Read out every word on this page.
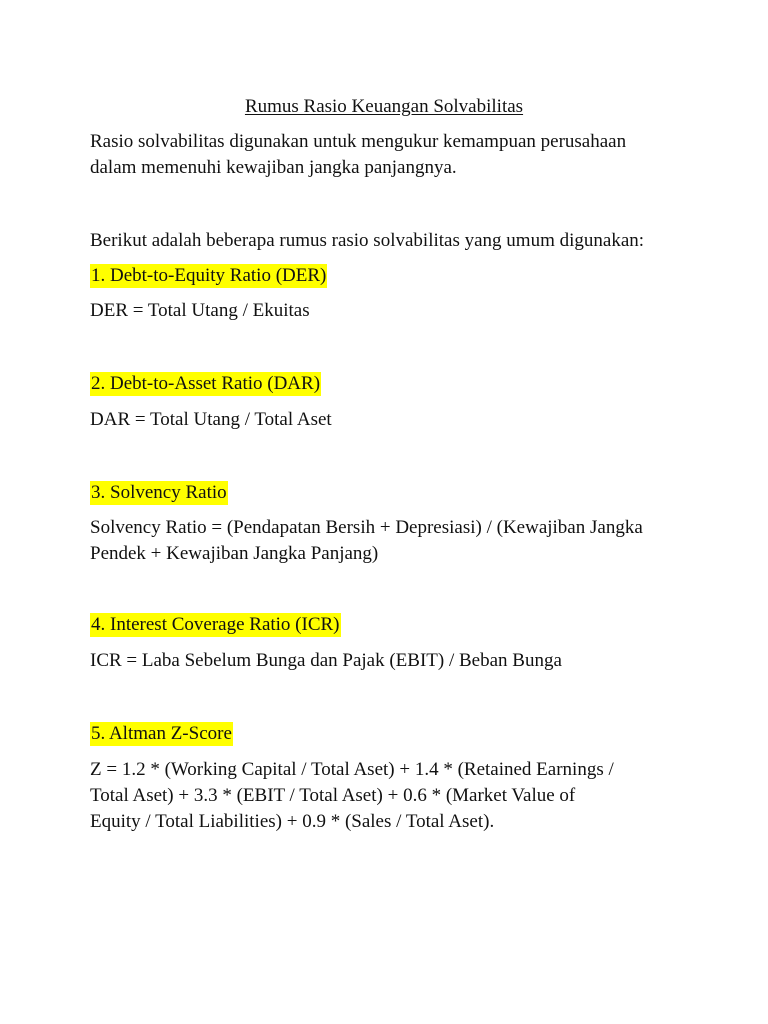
Rumus Rasio Keuangan Solvabilitas

Rasio solvabilitas digunakan untuk mengukur kemampuan perusahaan
dalam memenuhi kewajiban jangka panjangnya.

Berikut adalah beberapa rumus rasio solvabilitas yang umum digunakan:

1. Debt-to-Equity Ratio (DER)

DER = Total Utang / Ekuitas

2. Debt-to-Asset Ratio (DAR)

DAR = Total Utang / Total Aset

3. Solvency Ratio

Solvency Ratio = (Pendapatan Bersih + Depresiasi) / (Kewajiban Jangka
Pendek + Kewajiban Jangka Panjang)

4. Interest Coverage Ratio (ICR)

ICR = Laba Sebelum Bunga dan Pajak (EBIT) / Beban Bunga

5. Altman Z-Score

Z = 1.2 * (Working Capital / Total Aset) + 1.4 * (Retained Earnings /
Total Aset) + 3.3 * (EBIT / Total Aset) + 0.6 * (Market Value of
Equity / Total Liabilities) + 0.9 * (Sales / Total Aset).
